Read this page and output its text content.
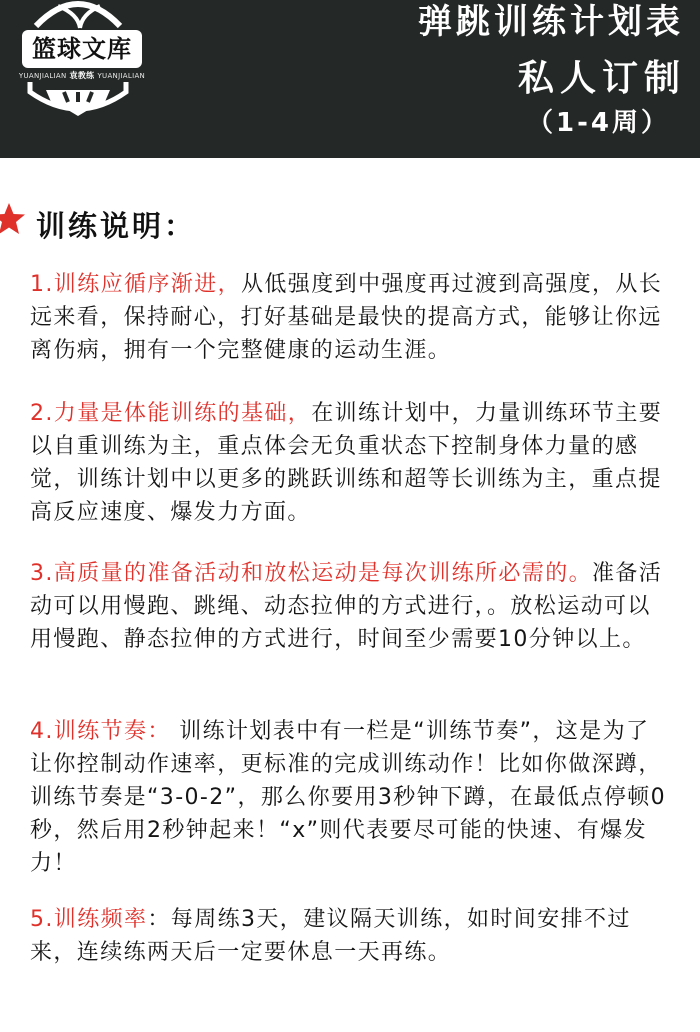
篮球文库
YUANJIALIAN 袁教练 YUANJIALIAN
弹跳训练计划表
私人订制
（1-4周）
训练说明：
1.训练应循序渐进，从低强度到中强度再过渡到高强度，从长远来看，保持耐心，打好基础是最快的提高方式，能够让你远离伤病，拥有一个完整健康的运动生涯。
2.力量是体能训练的基础，在训练计划中，力量训练环节主要以自重训练为主，重点体会无负重状态下控制身体力量的感觉，训练计划中以更多的跳跃训练和超等长训练为主，重点提高反应速度、爆发力方面。
3.高质量的准备活动和放松运动是每次训练所必需的。准备活动可以用慢跑、跳绳、动态拉伸的方式进行，。放松运动可以用慢跑、静态拉伸的方式进行，时间至少需要10分钟以上。
4.训练节奏： 训练计划表中有一栏是“训练节奏”，这是为了让你控制动作速率，更标准的完成训练动作！比如你做深蹲，训练节奏是“3-0-2”，那么你要用3秒钟下蹲，在最低点停顿0秒，然后用2秒钟起来！“x”则代表要尽可能的快速、有爆发力！
5.训练频率：每周练3天，建议隔天训练，如时间安排不过来，连续练两天后一定要休息一天再练。
